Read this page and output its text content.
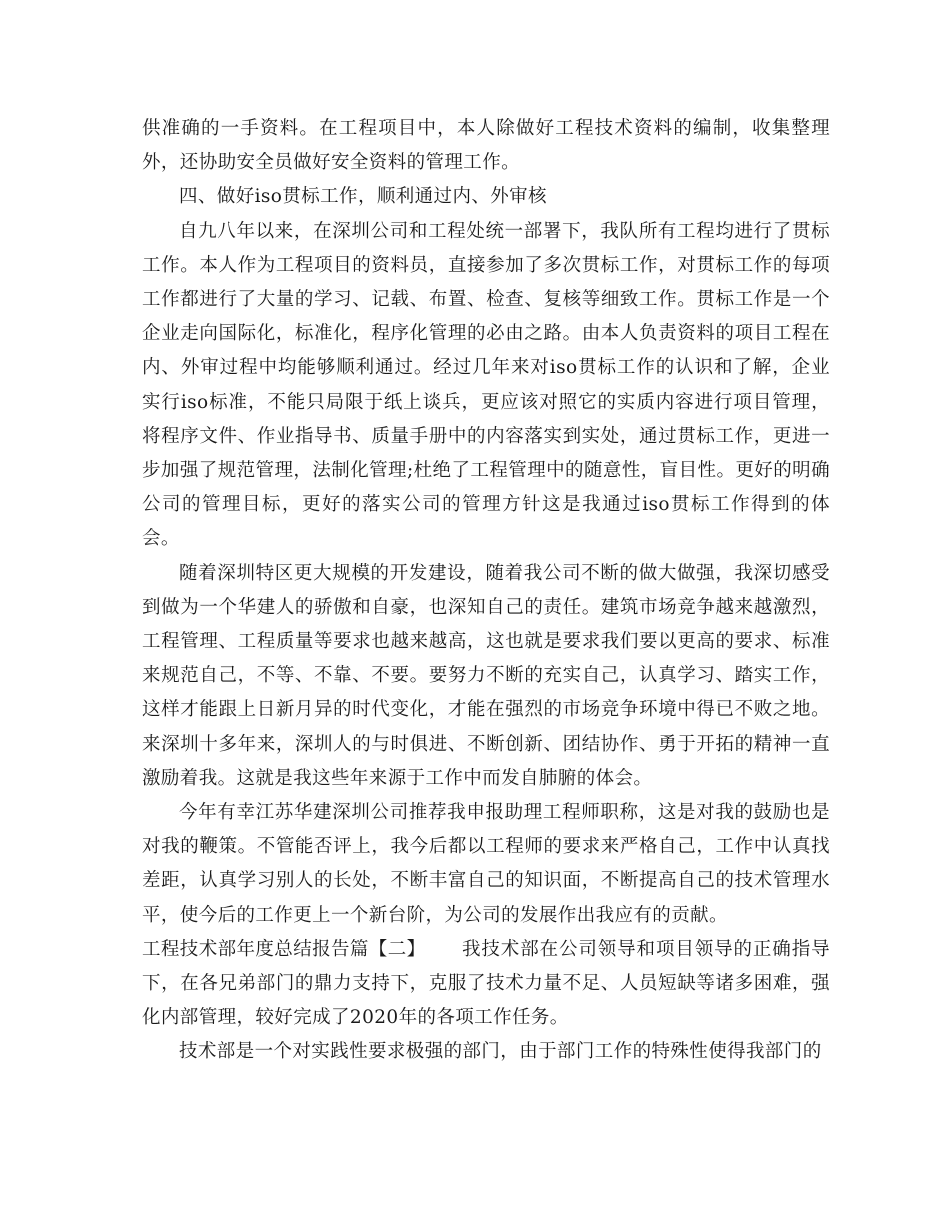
供准确的一手资料。在工程项目中，本人除做好工程技术资料的编制，收集整理外，还协助安全员做好安全资料的管理工作。

四、做好iso贯标工作，顺利通过内、外审核

自九八年以来，在深圳公司和工程处统一部署下，我队所有工程均进行了贯标工作。本人作为工程项目的资料员，直接参加了多次贯标工作，对贯标工作的每项工作都进行了大量的学习、记载、布置、检查、复核等细致工作。贯标工作是一个企业走向国际化，标准化，程序化管理的必由之路。由本人负责资料的项目工程在内、外审过程中均能够顺利通过。经过几年来对iso贯标工作的认识和了解，企业实行iso标准，不能只局限于纸上谈兵，更应该对照它的实质内容进行项目管理，将程序文件、作业指导书、质量手册中的内容落实到实处，通过贯标工作，更进一步加强了规范管理，法制化管理;杜绝了工程管理中的随意性，盲目性。更好的明确公司的管理目标，更好的落实公司的管理方针这是我通过iso贯标工作得到的体会。

随着深圳特区更大规模的开发建设，随着我公司不断的做大做强，我深切感受到做为一个华建人的骄傲和自豪，也深知自己的责任。建筑市场竞争越来越激烈，工程管理、工程质量等要求也越来越高，这也就是要求我们要以更高的要求、标准来规范自己，不等、不靠、不要。要努力不断的充实自己，认真学习、踏实工作，这样才能跟上日新月异的时代变化，才能在强烈的市场竞争环境中得已不败之地。来深圳十多年来，深圳人的与时俱进、不断创新、团结协作、勇于开拓的精神一直激励着我。这就是我这些年来源于工作中而发自肺腑的体会。

今年有幸江苏华建深圳公司推荐我申报助理工程师职称，这是对我的鼓励也是对我的鞭策。不管能否评上，我今后都以工程师的要求来严格自己，工作中认真找差距，认真学习别人的长处，不断丰富自己的知识面，不断提高自己的技术管理水平，使今后的工作更上一个新台阶，为公司的发展作出我应有的贡献。

工程技术部年度总结报告篇【二】 我技术部在公司领导和项目领导的正确指导下，在各兄弟部门的鼎力支持下，克服了技术力量不足、人员短缺等诸多困难，强化内部管理，较好完成了2020年的各项工作任务。

技术部是一个对实践性要求极强的部门，由于部门工作的特殊性使得我部门的
